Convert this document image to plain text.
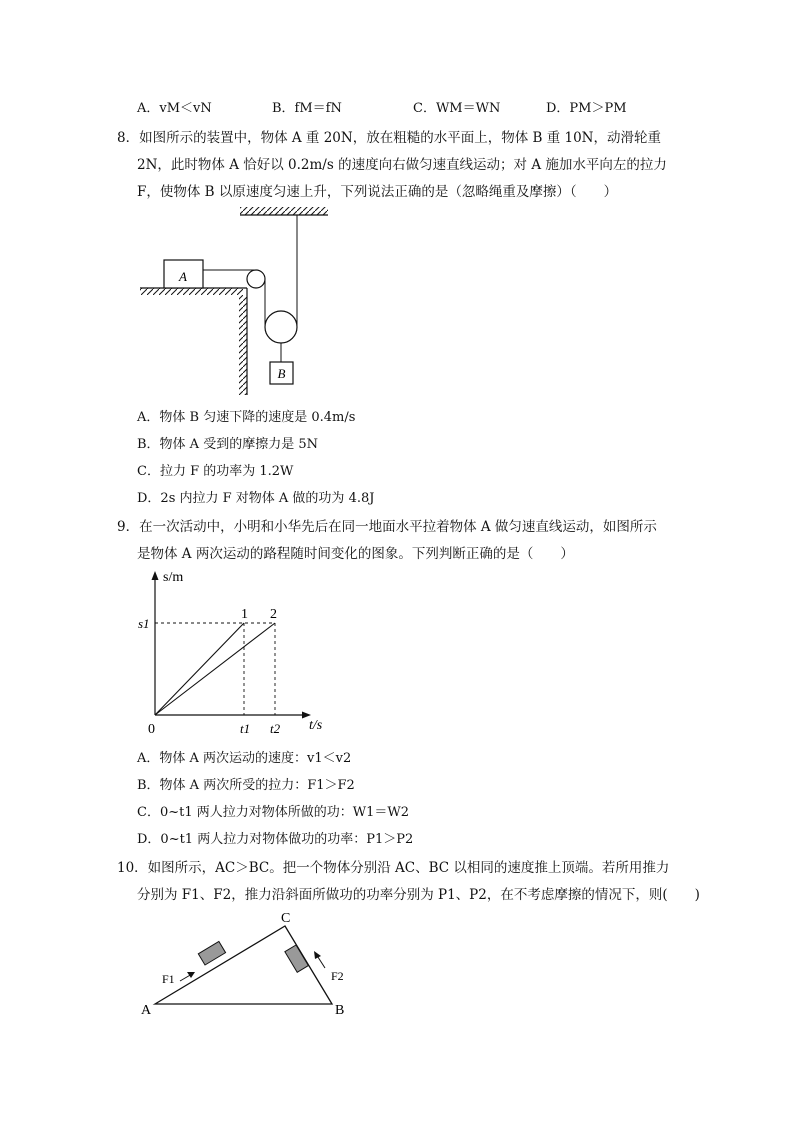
A．vM＜vN	B．fM＝fN	C．WM＝WN	D．PM＞PM
8．如图所示的装置中，物体 A 重 20N，放在粗糙的水平面上，物体 B 重 10N，动滑轮重
2N，此时物体 A 恰好以 0.2m/s 的速度向右做匀速直线运动；对 A 施加水平向左的拉力
F，使物体 B 以原速度匀速上升，下列说法正确的是（忽略绳重及摩擦）（　　）
A
B
A．物体 B 匀速下降的速度是 0.4m/s
B．物体 A 受到的摩擦力是 5N
C．拉力 F 的功率为 1.2W
D．2s 内拉力 F 对物体 A 做的功为 4.8J
9．在一次活动中，小明和小华先后在同一地面水平拉着物体 A 做匀速直线运动，如图所示
是物体 A 两次运动的路程随时间变化的图象。下列判断正确的是（　　）
s/m
t/s
0
s1
t1 t2
1 2
A．物体 A 两次运动的速度：v1＜v2
B．物体 A 两次所受的拉力：F1＞F2
C．0~t1 两人拉力对物体所做的功：W1＝W2
D．0~t1 两人拉力对物体做功的功率：P1＞P2
10．如图所示，AC＞BC。把一个物体分别沿 AC、BC 以相同的速度推上顶端。若所用推力
分别为 F1、F2，推力沿斜面所做功的功率分别为 P1、P2，在不考虑摩擦的情况下，则(　　)
A	B
C
F1	F2
